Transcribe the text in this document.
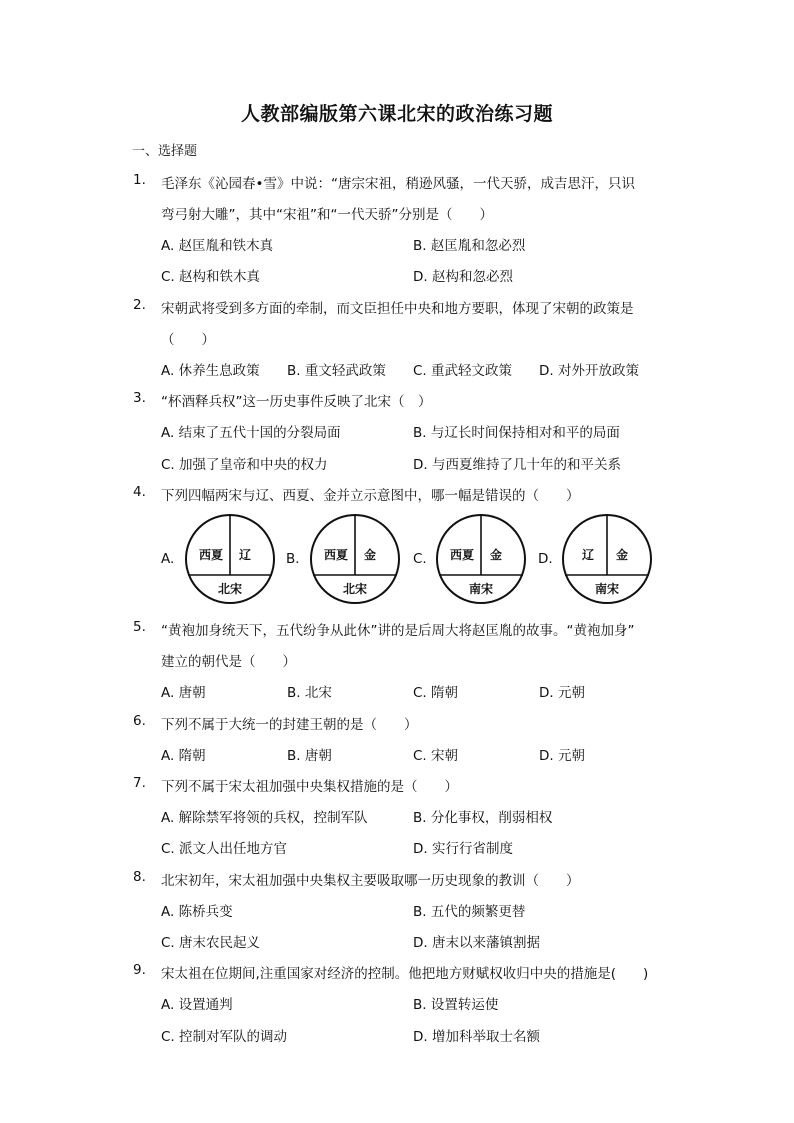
人教部编版第六课北宋的政治练习题
一、选择题
1. 毛泽东《沁园春•雪》中说：“唐宗宋祖，稍逊风骚，一代天骄，成吉思汗，只识
弯弓射大雕”，其中“宋祖”和“一代天骄”分别是（　　）
A. 赵匡胤和铁木真	B. 赵匡胤和忽必烈
C. 赵构和铁木真	D. 赵构和忽必烈
2. 宋朝武将受到多方面的牵制，而文臣担任中央和地方要职，体现了宋朝的政策是
（　　）
A. 休养生息政策 B. 重文轻武政策 C. 重武轻文政策 D. 对外开放政策
3. “杯酒释兵权”这一历史事件反映了北宋（　）
A. 结束了五代十国的分裂局面	B. 与辽长时间保持相对和平的局面
C. 加强了皇帝和中央的权力	D. 与西夏维持了几十年的和平关系
4. 下列四幅两宋与辽、西夏、金并立示意图中，哪一幅是错误的（　　）
A.	B.	C.	D.
西夏 辽
北宋
西夏 金
北宋
西夏 金
南宋
辽 金
南宋
5. “黄袍加身统天下，五代纷争从此休”讲的是后周大将赵匡胤的故事。“黄袍加身”
建立的朝代是（　　）
A. 唐朝	B. 北宋	C. 隋朝	D. 元朝
6. 下列不属于大统一的封建王朝的是（　　）
A. 隋朝	B. 唐朝	C. 宋朝	D. 元朝
7. 下列不属于宋太祖加强中央集权措施的是（　　）
A. 解除禁军将领的兵权，控制军队	B. 分化事权，削弱相权
C. 派文人出任地方官	D. 实行行省制度
8. 北宋初年，宋太祖加强中央集权主要吸取哪一历史现象的教训（　　）
A. 陈桥兵变	B. 五代的频繁更替
C. 唐末农民起义	D. 唐末以来藩镇割据
9. 宋太祖在位期间,注重国家对经济的控制。他把地方财赋权收归中央的措施是(　　)
A. 设置通判	B. 设置转运使
C. 控制对军队的调动	D. 增加科举取士名额
